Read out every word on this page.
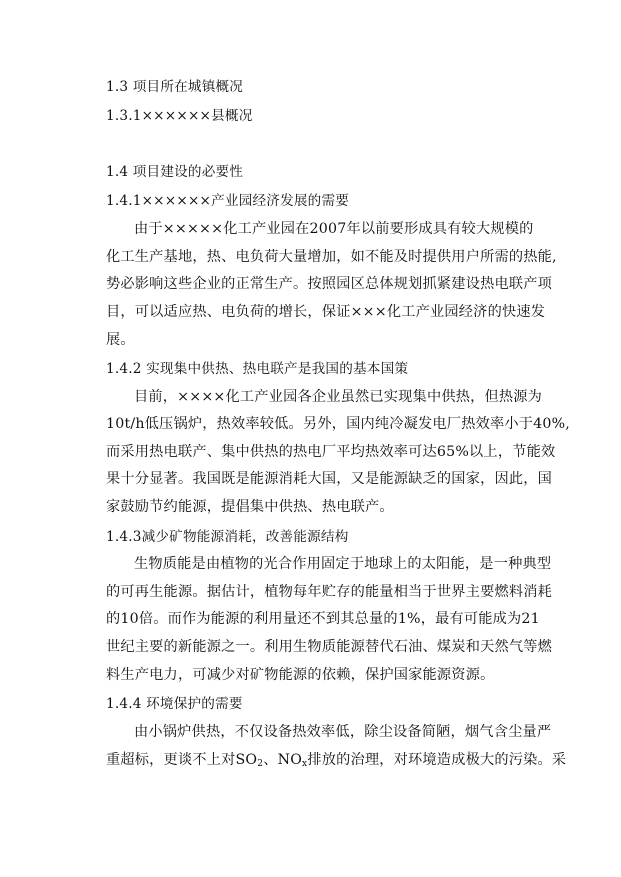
1.3 项目所在城镇概况
1.3.1××××××县概况
1.4 项目建设的必要性
1.4.1××××××产业园经济发展的需要
由于×××××化工产业园在2007年以前要形成具有较大规模的
化工生产基地，热、电负荷大量增加，如不能及时提供用户所需的热能,
势必影响这些企业的正常生产。按照园区总体规划抓紧建设热电联产项
目，可以适应热、电负荷的增长，保证×××化工产业园经济的快速发
展。
1.4.2 实现集中供热、热电联产是我国的基本国策
目前，××××化工产业园各企业虽然已实现集中供热，但热源为
10t/h低压锅炉，热效率较低。另外，国内纯冷凝发电厂热效率小于40%,
而采用热电联产、集中供热的热电厂平均热效率可达65%以上，节能效
果十分显著。我国既是能源消耗大国，又是能源缺乏的国家，因此，国
家鼓励节约能源，提倡集中供热、热电联产。
1.4.3减少矿物能源消耗，改善能源结构
生物质能是由植物的光合作用固定于地球上的太阳能，是一种典型
的可再生能源。据估计，植物每年贮存的能量相当于世界主要燃料消耗
的10倍。而作为能源的利用量还不到其总量的1%，最有可能成为21
世纪主要的新能源之一。利用生物质能源替代石油、煤炭和天然气等燃
料生产电力，可减少对矿物能源的依赖，保护国家能源资源。
1.4.4 环境保护的需要
由小锅炉供热，不仅设备热效率低，除尘设备简陋，烟气含尘量严
重超标，更谈不上对$SO_2$、$NO_x$排放的治理，对环境造成极大的污染。采
